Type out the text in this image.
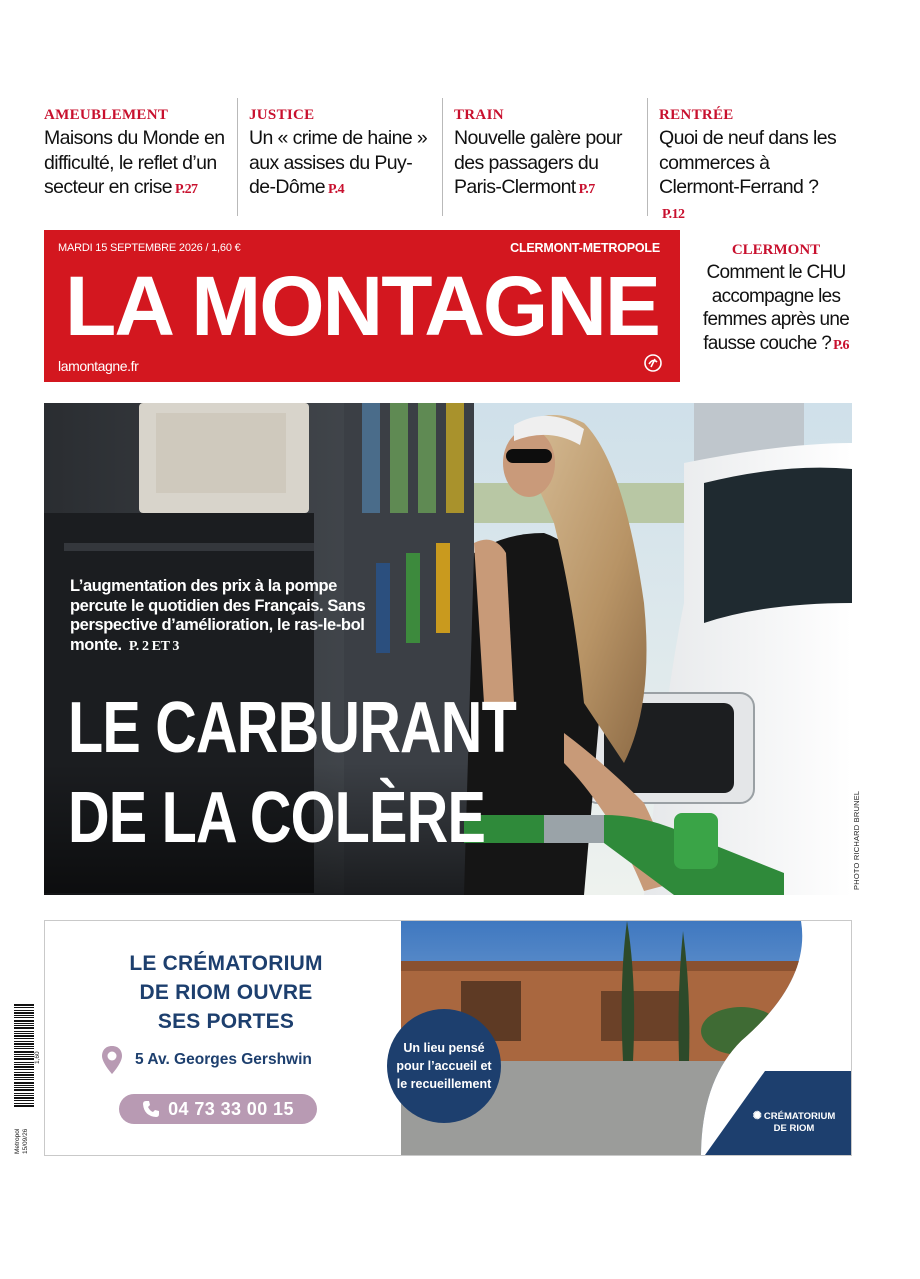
AMEUBLEMENT
Maisons du Monde en difficulté, le reflet d’un secteur en crise P.27
JUSTICE
Un « crime de haine » aux assises du Puy-de-Dôme P.4
TRAIN
Nouvelle galère pour des passagers du Paris-Clermont P.7
RENTRÉE
Quoi de neuf dans les commerces à Clermont-Ferrand ?P.12
MARDI 15 SEPTEMBRE 2026 / 1,60 €	CLERMONT-METROPOLE
LA MONTAGNE
lamontagne.fr
CLERMONT
Comment le CHU accompagne les femmes après une fausse couche ? P.6
L’augmentation des prix à la pompe percute le quotidien des Français. Sans perspective d’amélioration, le ras-le-bol monte. P. 2 ET 3
LE CARBURANT
DE LA COLÈRE	PHOTO RICHARD BRUNEL
LE CRÉMATORIUM
DE RIOM OUVRE
SES PORTES
5 Av. Georges Gershwin
04 73 33 00 15
Un lieu pensé pour l’accueil et le recueillement
✺ CRÉMATORIUM
DE RIOM
Metropol 15/09/26
1,60
